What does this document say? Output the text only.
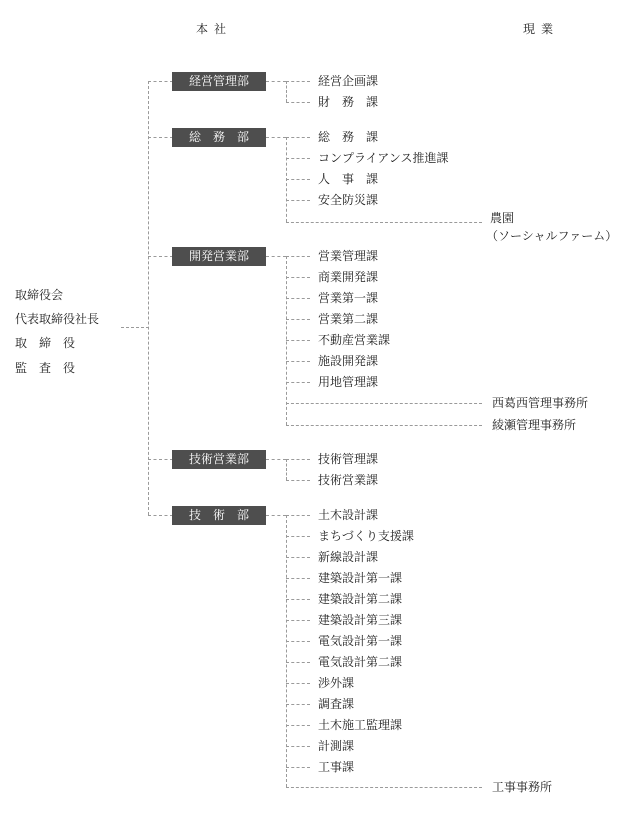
本社	現業
取締役会
代表取締役社長
取　締　役
監　査　役
経営管理部
総　務　部
開発営業部
技術営業部
技　術　部
経営企画課
財　務　課
総　務　課
コンプライアンス推進課
人　事　課
安全防災課
農園
（ソーシャルファーム）
営業管理課
商業開発課
営業第一課
営業第二課
不動産営業課
施設開発課
用地管理課
西葛西管理事務所
綾瀬管理事務所
技術管理課
技術営業課
土木設計課
まちづくり支援課
新線設計課
建築設計第一課
建築設計第二課
建築設計第三課
電気設計第一課
電気設計第二課
渉外課
調査課
土木施工監理課
計測課
工事課
工事事務所
